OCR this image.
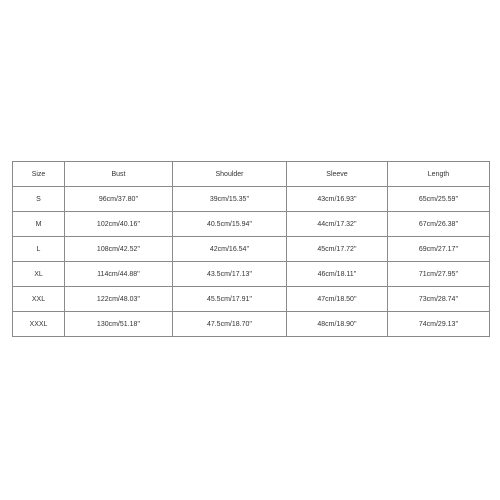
Size	Bust	Shoulder	Sleeve	Length
S	96cm/37.80''	39cm/15.35''	43cm/16.93''	65cm/25.59''
M	102cm/40.16''	40.5cm/15.94''	44cm/17.32''	67cm/26.38''
L	108cm/42.52''	42cm/16.54''	45cm/17.72''	69cm/27.17''
XL	114cm/44.88''	43.5cm/17.13''	46cm/18.11''	71cm/27.95''
XXL	122cm/48.03''	45.5cm/17.91''	47cm/18.50''	73cm/28.74''
XXXL	130cm/51.18''	47.5cm/18.70''	48cm/18.90''	74cm/29.13''
